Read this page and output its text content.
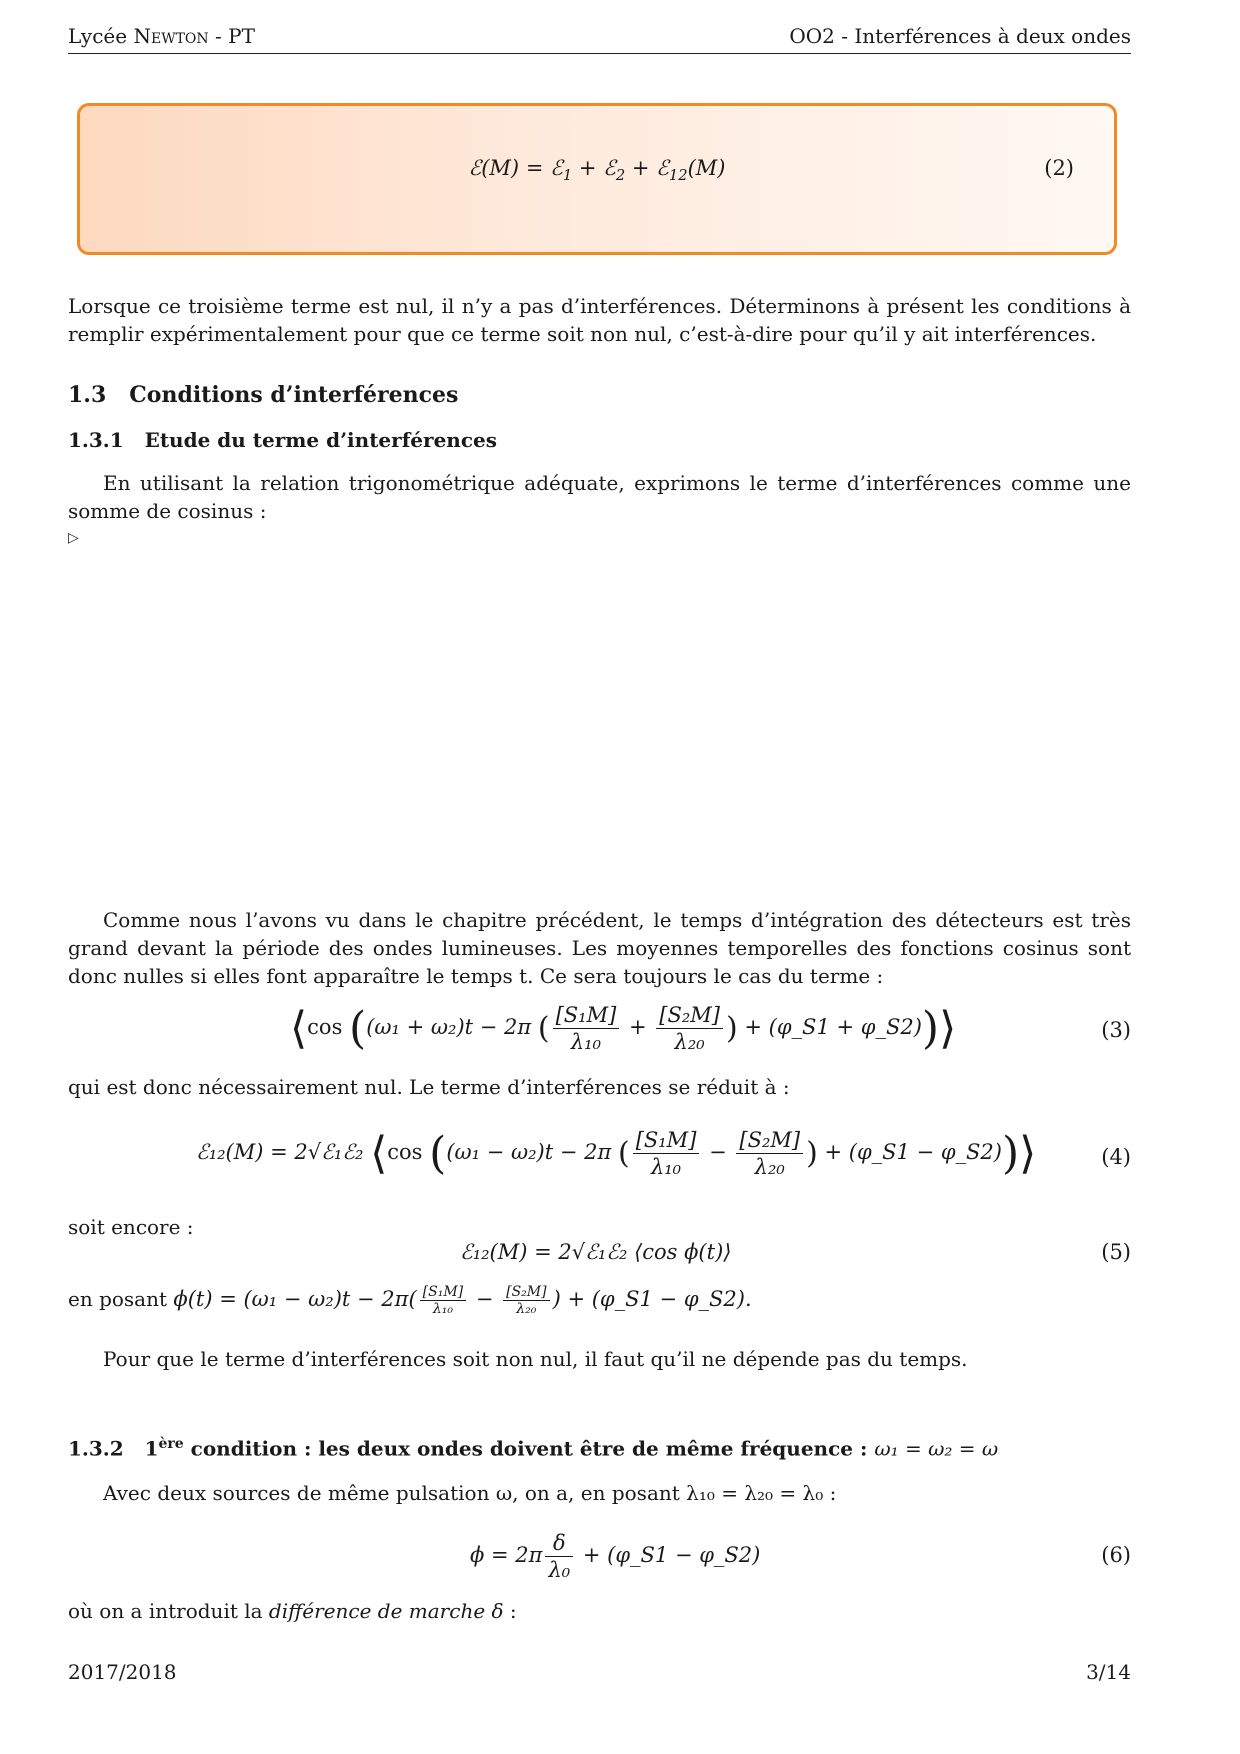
Lycée Newton - PT	OO2 - Interférences à deux ondes
ℰ(M) = ℰ$_1$ + ℰ$_2$ + ℰ$_{12}$(M)	(2)
Lorsque ce troisième terme est nul, il n’y a pas d’interférences. Déterminons à présent les conditions à remplir expérimentalement pour que ce terme soit non nul, c’est-à-dire pour qu’il y ait interférences.
1.3 Conditions d’interférences
1.3.1 Etude du terme d’interférences
En utilisant la relation trigonométrique adéquate, exprimons le terme d’interférences comme une somme de cosinus :
▷
Comme nous l’avons vu dans le chapitre précédent, le temps d’intégration des détecteurs est très grand devant la période des ondes lumineuses. Les moyennes temporelles des fonctions cosinus sont donc nulles si elles font apparaître le temps t. Ce sera toujours le cas du terme :
⟨cos ((ω₁ + ω₂)t − 2π ( $\frac{\text{[S₁M]}}{\text{λ₁₀}} + \frac{\text{[S₂M]}}{\text{λ₂₀}}$ ) + (φ_S1 + φ_S2))⟩	(3)
qui est donc nécessairement nul. Le terme d’interférences se réduit à :
ℰ₁₂(M) = 2√ℰ₁ℰ₂ ⟨cos ((ω₁ − ω₂)t − 2π ( $\frac{\text{[S₁M]}}{\text{λ₁₀}} - \frac{\text{[S₂M]}}{\text{λ₂₀}}$ ) + (φ_S1 − φ_S2))⟩	(4)
soit encore :
ℰ₁₂(M) = 2√ℰ₁ℰ₂ ⟨cos ϕ(t)⟩	(5)
en posant $\phi(t) = (\omega_1 - \omega_2)t - 2\pi( \frac{\text{[S₁M]}}{\text{λ₁₀}} - \frac{\text{[S₂M]}}{\text{λ₂₀}}$ ) + (φ_S1 − φ_S2).
Pour que le terme d’interférences soit non nul, il faut qu’il ne dépende pas du temps.
1.3.2 1ère condition : les deux ondes doivent être de même fréquence : ω₁ = ω₂ = ω
Avec deux sources de même pulsation ω, on a, en posant λ₁₀ = λ₂₀ = λ₀ :
$\phi = 2\pi \frac{\delta}{\text{λ₀}}$ + (φ_S1 − φ_S2)	(6)
où on a introduit la différence de marche δ :
2017/2018	3/14
